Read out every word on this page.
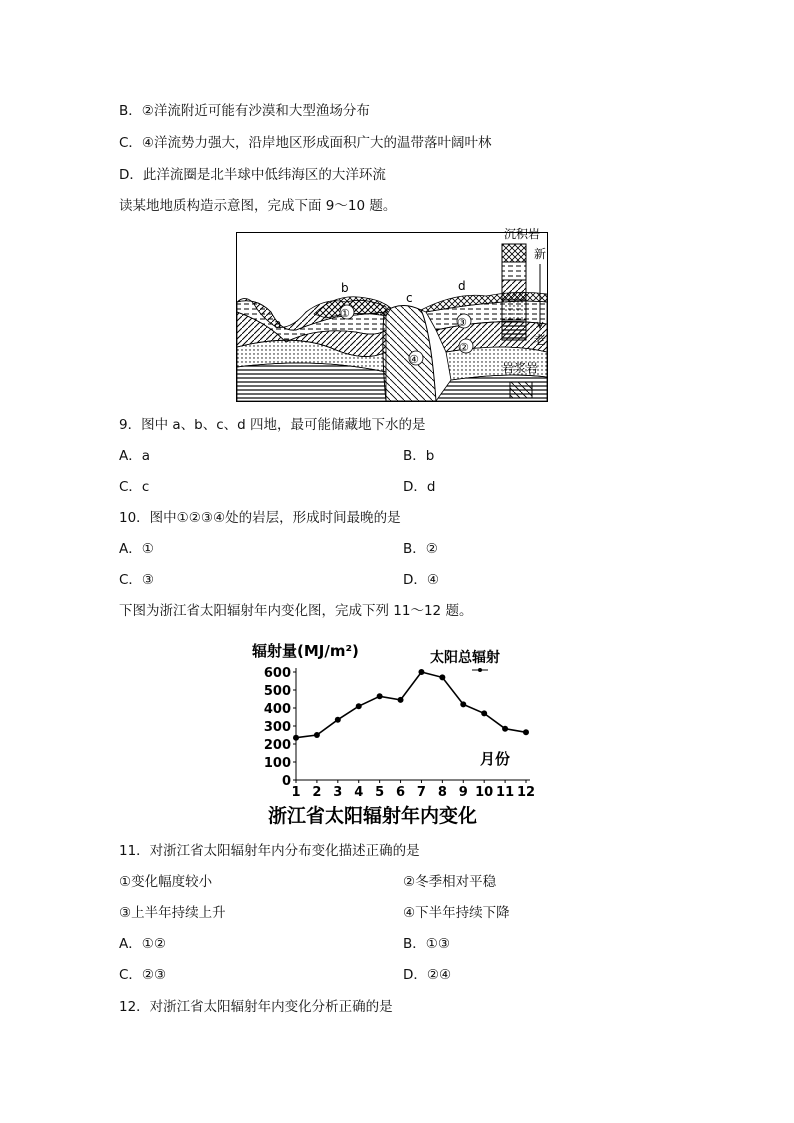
B．②洋流附近可能有沙漠和大型渔场分布
C．④洋流势力强大，沿岸地区形成面积广大的温带落叶阔叶林
D．此洋流圈是北半球中低纬海区的大洋环流
读某地地质构造示意图，完成下面 9～10 题。
a
b
c
d
①
②
③
④
沉积岩
新
老
岩浆岩
9．图中 a、b、c、d 四地，最可能储藏地下水的是
A．a	B．b
C．c	D．d
10．图中①②③④处的岩层，形成时间最晚的是
A．①	B．②
C．③	D．④
下图为浙江省太阳辐射年内变化图，完成下列 11～12 题。
辐射量(MJ/m²)	太阳总辐射
月份
浙江省太阳辐射年内变化
0
100
200
300
400
500
600
1 2 3 4 5 6 7 8 9 10 11 12
11．对浙江省太阳辐射年内分布变化描述正确的是
①变化幅度较小	②冬季相对平稳
③上半年持续上升	④下半年持续下降
A．①②	B．①③
C．②③	D．②④
12．对浙江省太阳辐射年内变化分析正确的是
